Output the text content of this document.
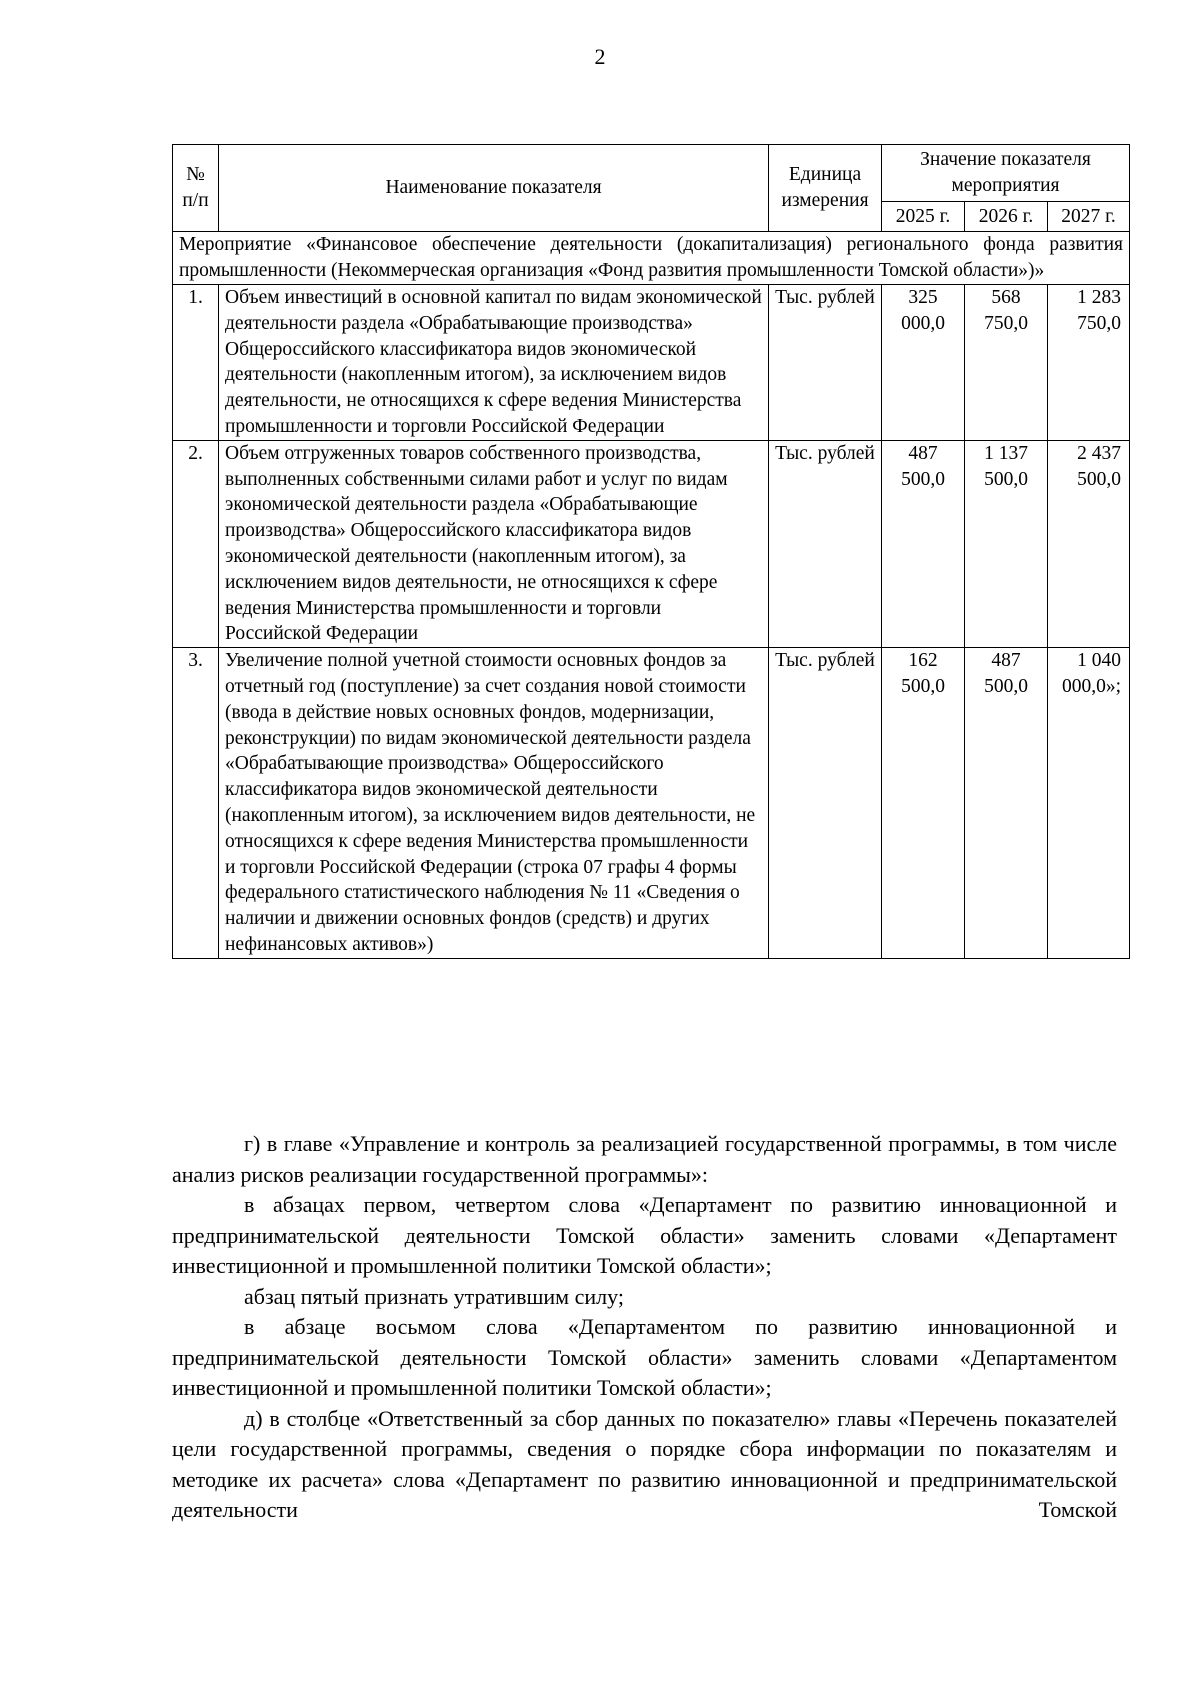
2
№ п/п	Наименование показателя	Единица измерения	Значение показателя мероприятия		
			2025 г.	2026 г.	2027 г.
Мероприятие «Финансовое обеспечение деятельности (докапитализация) регионального фонда развития промышленности (Некоммерческая организация «Фонд развития промышленности Томской области»)»					
1.	Объем инвестиций в основной капитал по видам экономической деятельности раздела «Обрабатывающие производства» Общероссийского классификатора видов экономической деятельности (накопленным итогом), за исключением видов деятельности, не относящихся к сфере ведения Министерства промышленности и торговли Российской Федерации	Тыс. рублей	325 000,0	568 750,0	1 283 750,0
2.	Объем отгруженных товаров собственного производства, выполненных собственными силами работ и услуг по видам экономической деятельности раздела «Обрабатывающие производства» Общероссийского классификатора видов экономической деятельности (накопленным итогом), за исключением видов деятельности, не относящихся к сфере ведения Министерства промышленности и торговли Российской Федерации	Тыс. рублей	487 500,0	1 137 500,0	2 437 500,0
3.	Увеличение полной учетной стоимости основных фондов за отчетный год (поступление) за счет создания новой стоимости (ввода в действие новых основных фондов, модернизации, реконструкции) по видам экономической деятельности раздела «Обрабатывающие производства» Общероссийского классификатора видов экономической деятельности (накопленным итогом), за исключением видов деятельности, не относящихся к сфере ведения Министерства промышленности и торговли Российской Федерации (строка 07 графы 4 формы федерального статистического наблюдения № 11 «Сведения о наличии и движении основных фондов (средств) и других нефинансовых активов»)	Тыс. рублей	162 500,0	487 500,0	1 040 000,0»;

г) в главе «Управление и контроль за реализацией государственной программы, в том числе анализ рисков реализации государственной программы»:

в абзацах первом, четвертом слова «Департамент по развитию инновационной и предпринимательской деятельности Томской области» заменить словами «Департамент инвестиционной и промышленной политики Томской области»;

абзац пятый признать утратившим силу;

в абзаце восьмом слова «Департаментом по развитию инновационной и предпринимательской деятельности Томской области» заменить словами «Департаментом инвестиционной и промышленной политики Томской области»;

д) в столбце «Ответственный за сбор данных по показателю» главы «Перечень показателей цели государственной программы, сведения о порядке сбора информации по показателям и методике их расчета» слова «Департамент по развитию инновационной и предпринимательской деятельности Томской
